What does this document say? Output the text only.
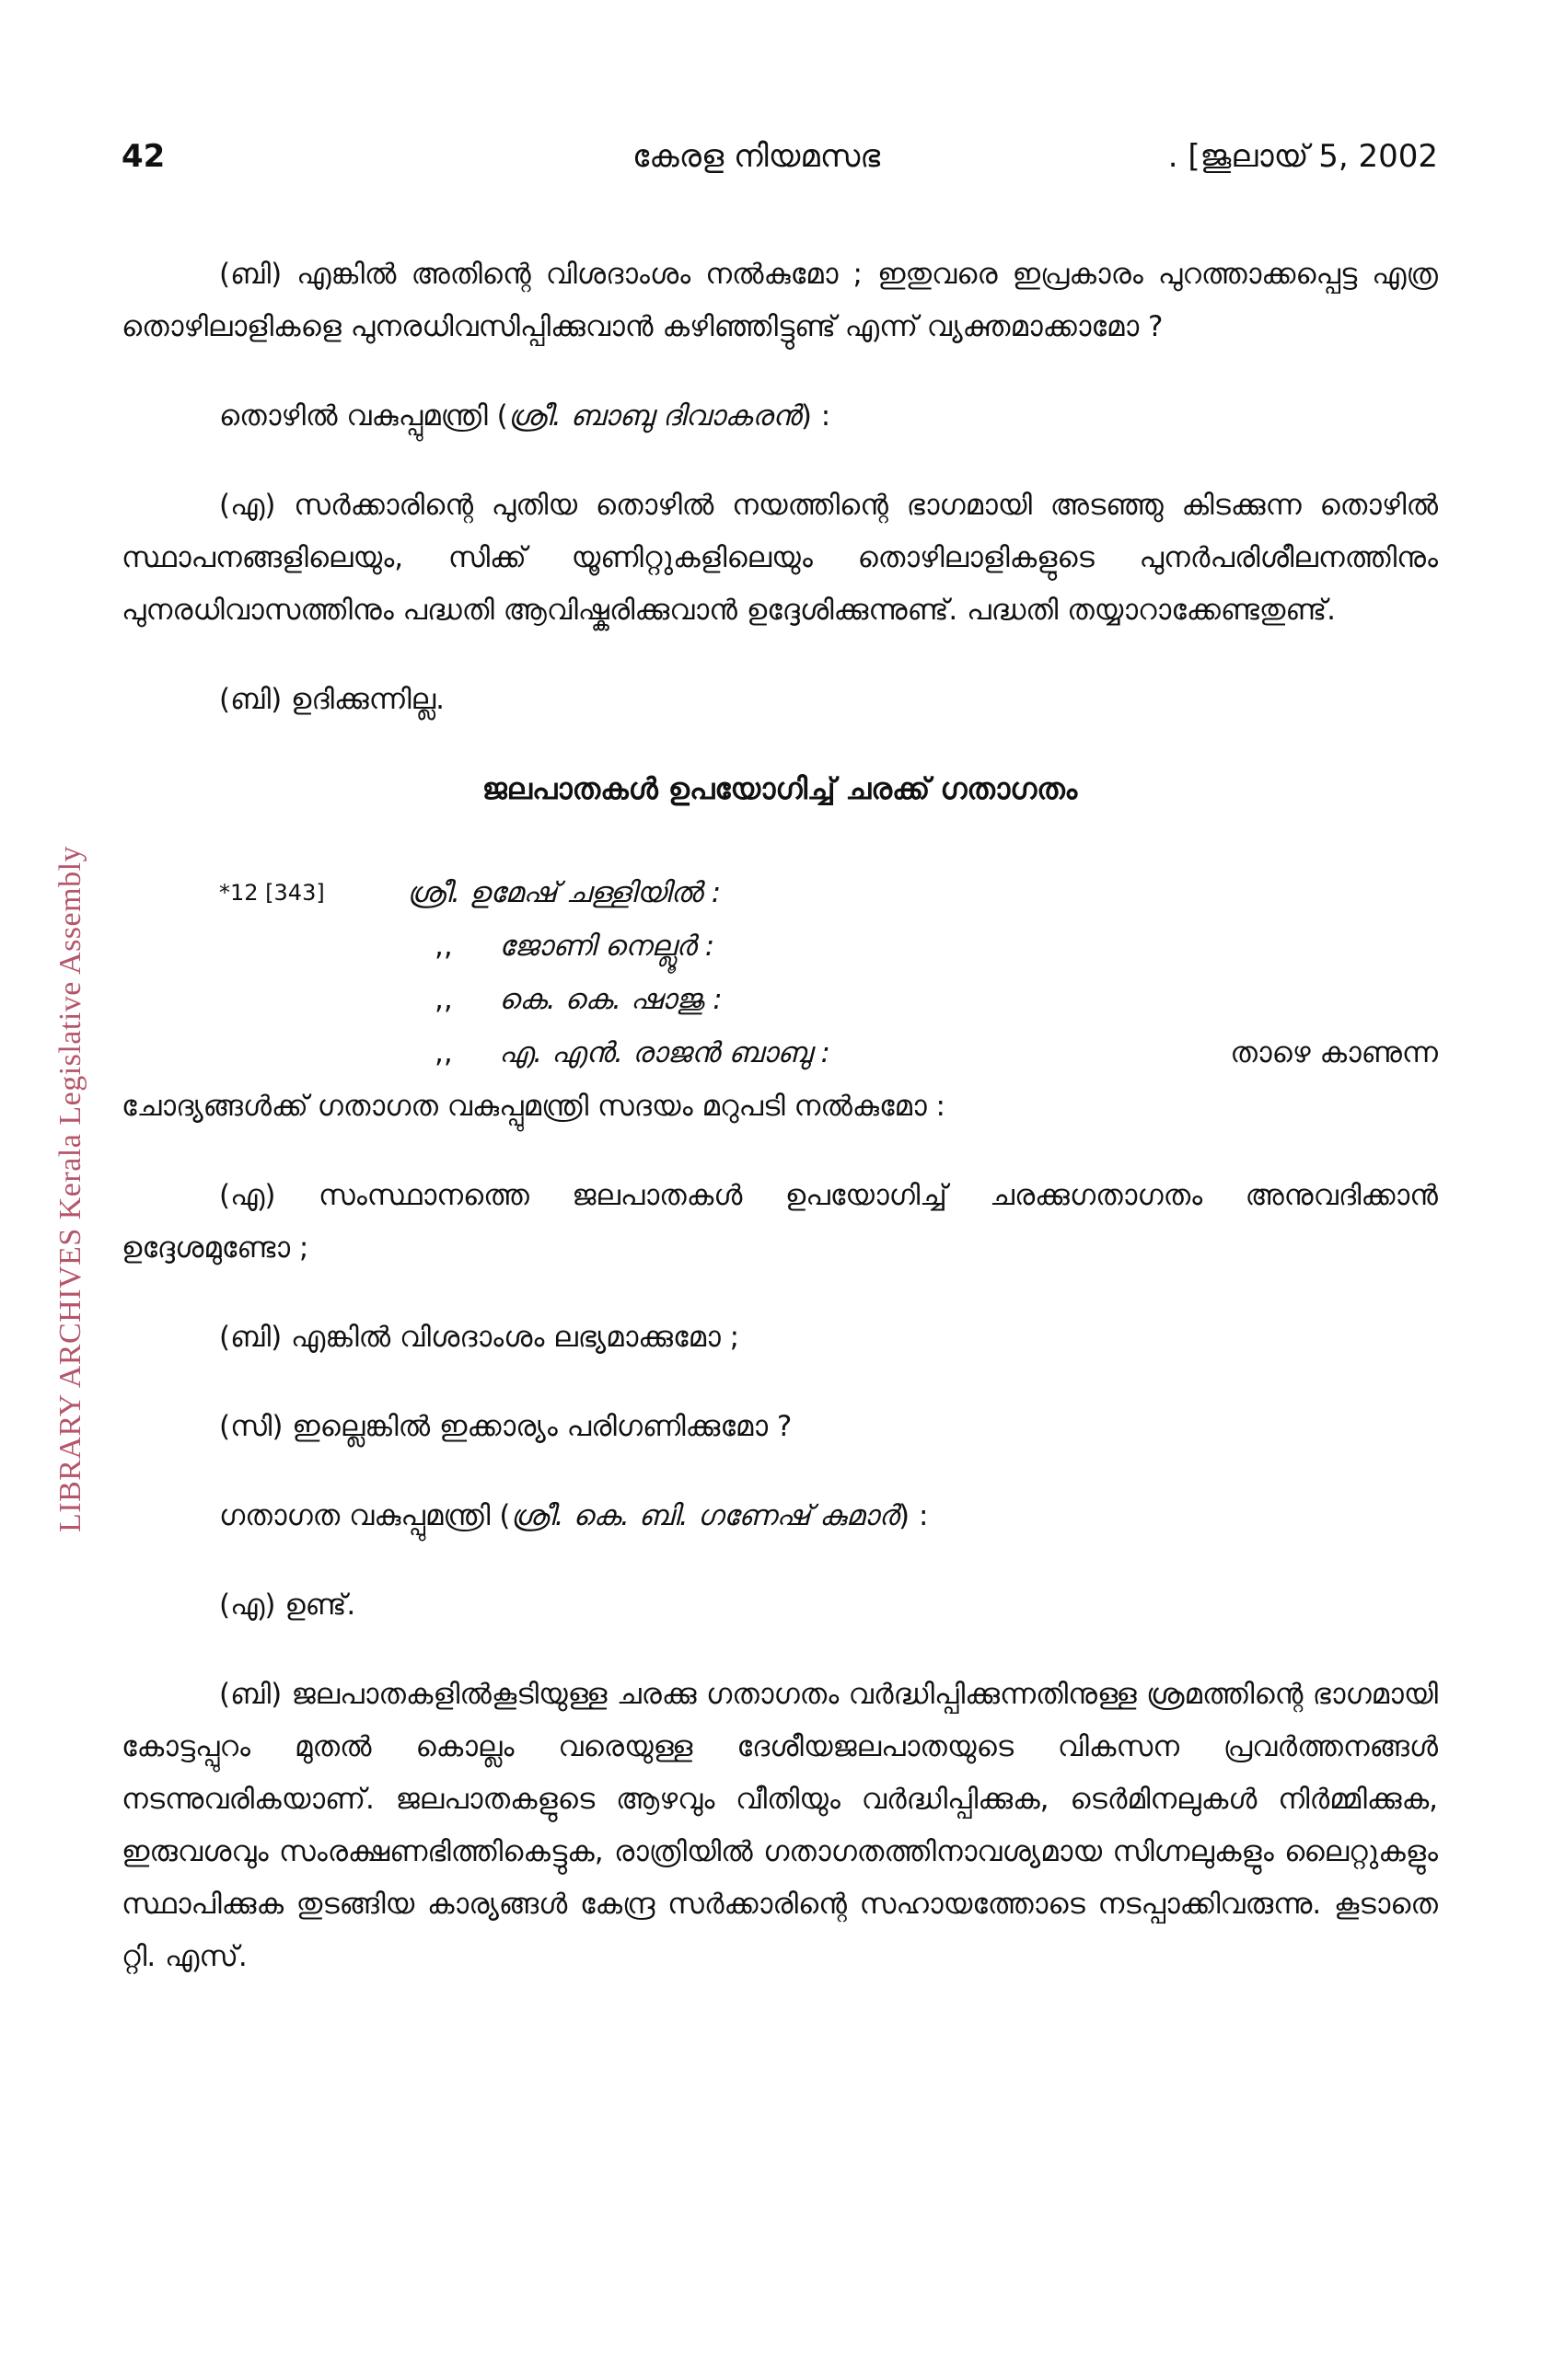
42	കേരള നിയമസഭ	. [ജൂലായ് 5, 2002
LIBRARY ARCHIVES Kerala Legislative Assembly

(ബി) എങ്കിൽ അതിന്റെ വിശദാംശം നൽകുമോ ; ഇതുവരെ ഇപ്രകാരം പുറത്താക്കപ്പെട്ട എത്ര തൊഴിലാളികളെ പുനരധിവസിപ്പിക്കുവാൻ കഴിഞ്ഞിട്ടുണ്ട് എന്ന് വ്യക്തമാക്കാമോ ?

തൊഴിൽ വകുപ്പുമന്ത്രി (ശ്രീ. ബാബു ദിവാകരൻ) :

(എ) സർക്കാരിന്റെ പുതിയ തൊഴിൽ നയത്തിന്റെ ഭാഗമായി അടഞ്ഞു കിടക്കുന്ന തൊഴിൽ സ്ഥാപനങ്ങളിലെയും, സിക്ക് യൂണിറ്റുകളിലെയും തൊഴിലാളികളുടെ പുനർപരിശീലനത്തിനും പുനരധിവാസത്തിനും പദ്ധതി ആവിഷ്കരിക്കുവാൻ ഉദ്ദേശിക്കുന്നുണ്ട്. പദ്ധതി തയ്യാറാക്കേണ്ടതുണ്ട്.

(ബി) ഉദിക്കുന്നില്ല.

ജലപാതകൾ ഉപയോഗിച്ച് ചരക്ക് ഗതാഗതം

*12 [343]	ശ്രീ. ഉമേഷ് ചള്ളിയിൽ :
,, ജോണി നെല്ലൂർ :
,, കെ. കെ. ഷാജു :
,, എ. എൻ. രാജൻ ബാബു :	താഴെ കാണുന്ന

ചോദ്യങ്ങൾക്ക് ഗതാഗത വകുപ്പുമന്ത്രി സദയം മറുപടി നൽകുമോ :

(എ) സംസ്ഥാനത്തെ ജലപാതകൾ ഉപയോഗിച്ച് ചരക്കുഗതാഗതം അനുവദിക്കാൻ ഉദ്ദേശമുണ്ടോ ;

(ബി) എങ്കിൽ വിശദാംശം ലഭ്യമാക്കുമോ ;

(സി) ഇല്ലെങ്കിൽ ഇക്കാര്യം പരിഗണിക്കുമോ ?

ഗതാഗത വകുപ്പുമന്ത്രി (ശ്രീ. കെ. ബി. ഗണേഷ് കുമാർ) :

(എ) ഉണ്ട്.

(ബി) ജലപാതകളിൽകൂടിയുള്ള ചരക്കു ഗതാഗതം വർദ്ധിപ്പിക്കുന്നതിനുള്ള ശ്രമത്തിന്റെ ഭാഗമായി കോട്ടപ്പുറം മുതൽ കൊല്ലം വരെയുള്ള ദേശീയജലപാതയുടെ വികസന പ്രവർത്തനങ്ങൾ നടന്നുവരികയാണ്. ജലപാതകളുടെ ആഴവും വീതിയും വർദ്ധിപ്പിക്കുക, ടെർമിനലുകൾ നിർമ്മിക്കുക, ഇരുവശവും സംരക്ഷണഭിത്തികെട്ടുക, രാത്രിയിൽ ഗതാഗതത്തിനാവശ്യമായ സിഗ്നലുകളും ലൈറ്റുകളും സ്ഥാപിക്കുക തുടങ്ങിയ കാര്യങ്ങൾ കേന്ദ്ര സർക്കാരിന്റെ സഹായത്തോടെ നടപ്പാക്കിവരുന്നു. കൂടാതെ റ്റി. എസ്.
